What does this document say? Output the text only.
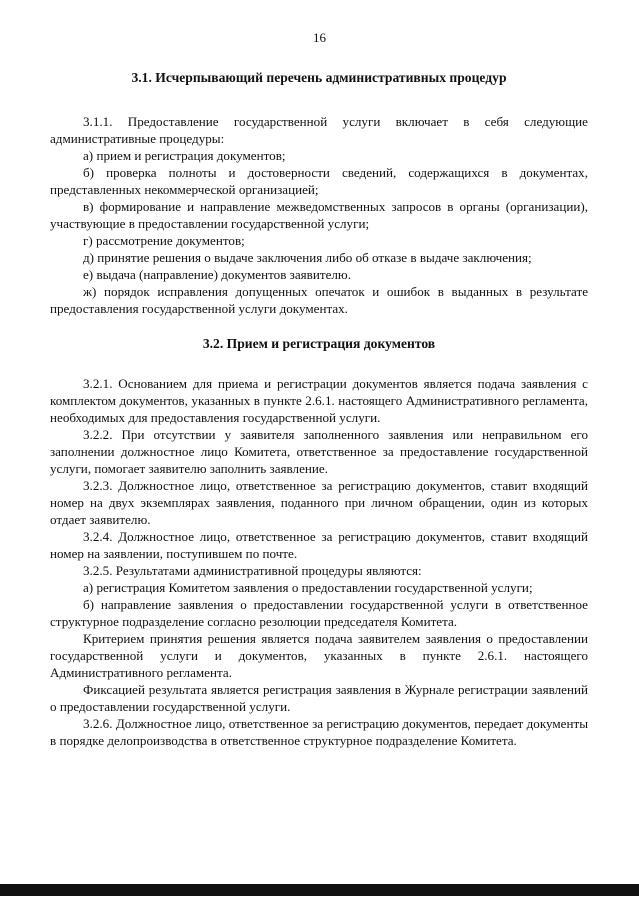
16
3.1. Исчерпывающий перечень административных процедур

3.1.1. Предоставление государственной услуги включает в себя следующие административные процедуры:

а) прием и регистрация документов;

б) проверка полноты и достоверности сведений, содержащихся в документах, представленных некоммерческой организацией;

в) формирование и направление межведомственных запросов в органы (организации), участвующие в предоставлении государственной услуги;

г) рассмотрение документов;

д) принятие решения о выдаче заключения либо об отказе в выдаче заключения;

е) выдача (направление) документов заявителю.

ж) порядок исправления допущенных опечаток и ошибок в выданных в результате предоставления государственной услуги документах.

3.2. Прием и регистрация документов

3.2.1. Основанием для приема и регистрации документов является подача заявления с комплектом документов, указанных в пункте 2.6.1. настоящего Административного регламента, необходимых для предоставления государственной услуги.

3.2.2. При отсутствии у заявителя заполненного заявления или неправильном его заполнении должностное лицо Комитета, ответственное за предоставление государственной услуги, помогает заявителю заполнить заявление.

3.2.3. Должностное лицо, ответственное за регистрацию документов, ставит входящий номер на двух экземплярах заявления, поданного при личном обращении, один из которых отдает заявителю.

3.2.4. Должностное лицо, ответственное за регистрацию документов, ставит входящий номер на заявлении, поступившем по почте.

3.2.5. Результатами административной процедуры являются:

а) регистрация Комитетом заявления о предоставлении государственной услуги;

б) направление заявления о предоставлении государственной услуги в ответственное структурное подразделение согласно резолюции председателя Комитета.

Критерием принятия решения является подача заявителем заявления о предоставлении государственной услуги и документов, указанных в пункте 2.6.1. настоящего Административного регламента.

Фиксацией результата является регистрация заявления в Журнале регистрации заявлений о предоставлении государственной услуги.

3.2.6. Должностное лицо, ответственное за регистрацию документов, передает документы в порядке делопроизводства в ответственное структурное подразделение Комитета.
